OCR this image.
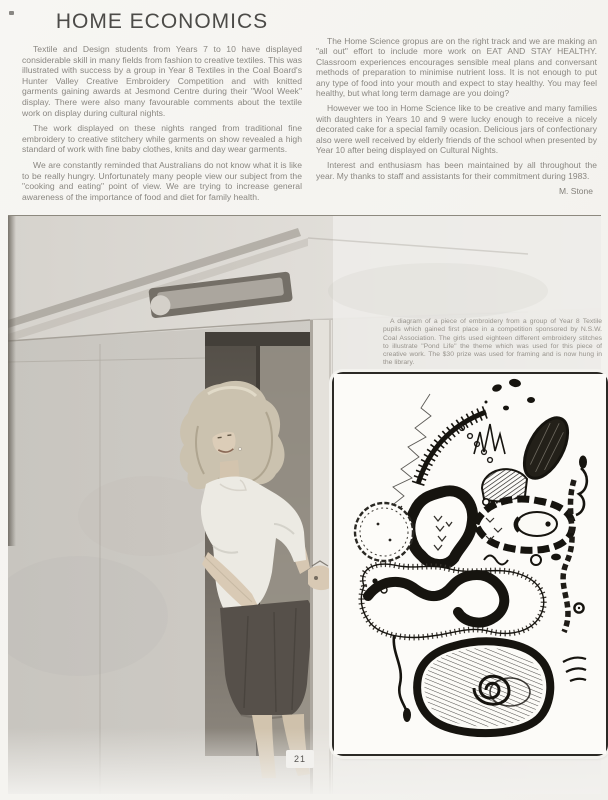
HOME ECONOMICS

Textile and Design students from Years 7 to 10 have displayed considerable skill in many fields from fashion to creative textiles. This was illustrated with success by a group in Year 8 Textiles in the Coal Board's Hunter Valley Creative Embroidery Competition and with knitted garments gaining awards at Jesmond Centre during their "Wool Week" display. There were also many favourable comments about the textile work on display during cultural nights.

The work displayed on these nights ranged from traditional fine embroidery to creative stitchery while garments on show revealed a high standard of work with fine baby clothes, knits and day wear garments.

We are constantly reminded that Australians do not know what it is like to be really hungry. Unfortunately many people view our subject from the "cooking and eating" point of view. We are trying to increase general awareness of the importance of food and diet for family health.

The Home Science gropus are on the right track and we are making an "all out" effort to include more work on EAT AND STAY HEALTHY. Classroom experiences encourages sensible meal plans and conversant methods of preparation to minimise nutrient loss. It is not enough to put any type of food into your mouth and expect to stay healthy. You may feel healthy, but what long term damage are you doing?

However we too in Home Science like to be creative and many families with daughters in Years 10 and 9 were lucky enough to receive a nicely decorated cake for a special family ocasion. Delicious jars of confectionary also were well received by elderly friends of the school when presented by Year 10 after being displayed on Cultural Nights.

Interest and enthusiasm has been maintained by all throughout the year. My thanks to staff and assistants for their commitment during 1983.

M. Stone

A diagram of a piece of embroidery from a group of Year 8 Textile pupils which gained first place in a competition sponsored by N.S.W. Coal Association. The girls used eighteen different embroidery stitches to illustrate "Pond Life" the theme which was used for this piece of creative work. The $30 prize was used for framing and is now hung in the library.

21
